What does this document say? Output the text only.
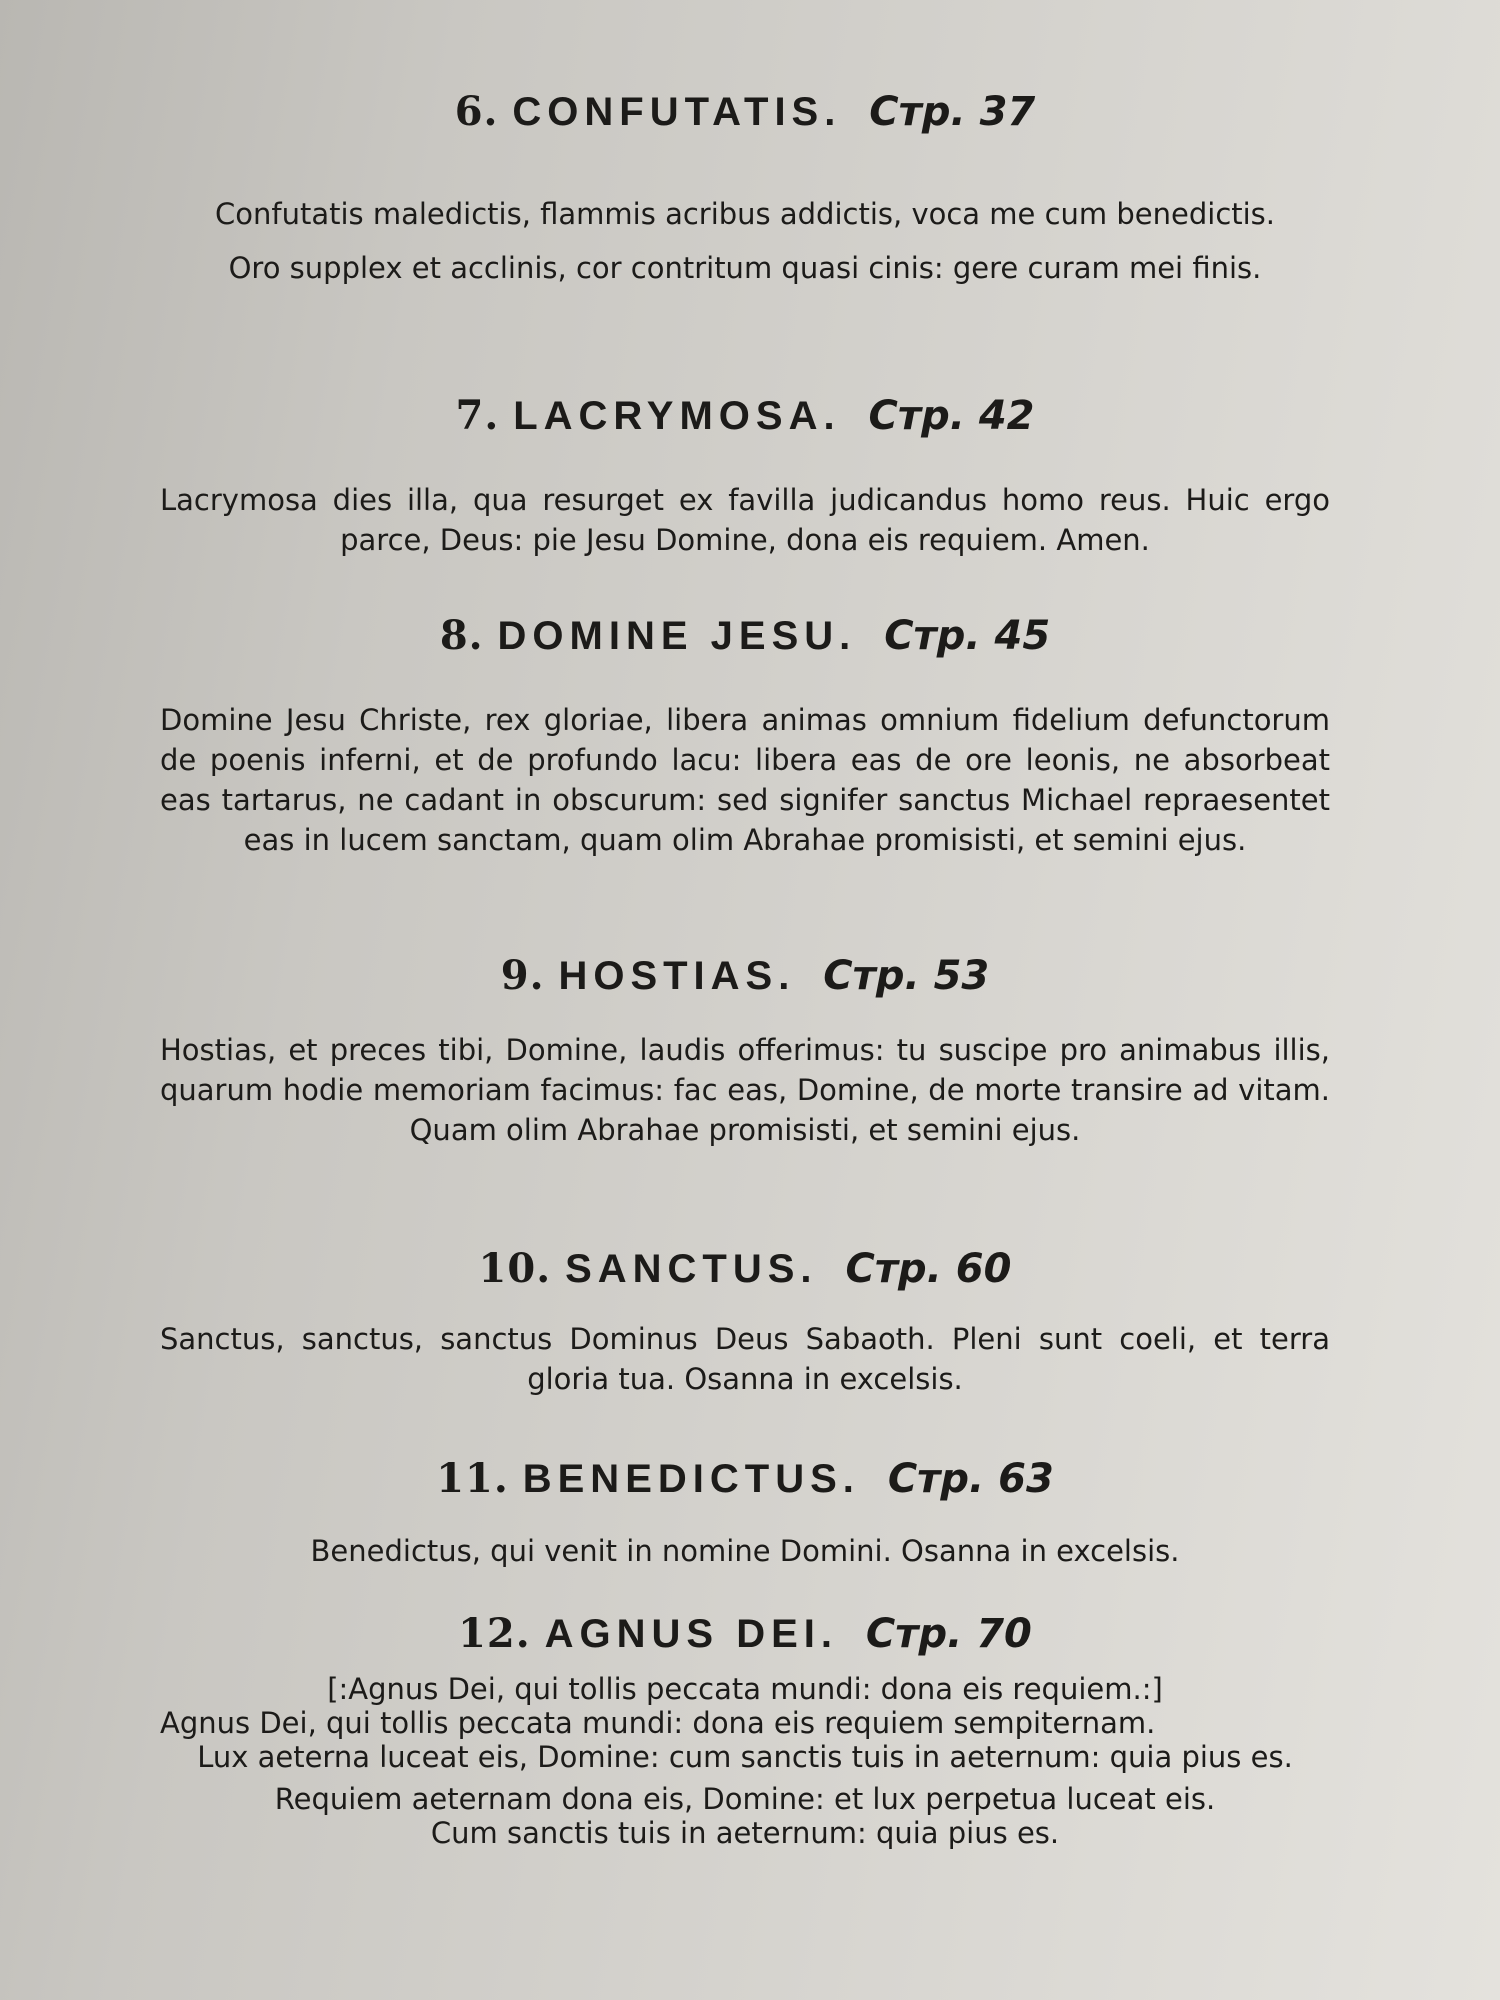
6. CONFUTATIS. Стр. 37

Confutatis maledictis, flammis acribus addictis, voca me cum benedictis.

Oro supplex et acclinis, cor contritum quasi cinis: gere curam mei finis.

7. LACRYMOSA. Стр. 42

Lacrymosa dies illa, qua resurget ex favilla judicandus homo reus. Huic ergo parce, Deus: pie Jesu Domine, dona eis requiem. Amen.

8. DOMINE JESU. Стр. 45

Domine Jesu Christe, rex gloriae, libera animas omnium fidelium defunctorum de poenis inferni, et de profundo lacu: libera eas de ore leonis, ne absorbeat eas tartarus, ne cadant in obscurum: sed signifer sanctus Michael repraesentet eas in lucem sanctam, quam olim Abrahae promisisti, et semini ejus.

9. HOSTIAS. Стр. 53

Hostias, et preces tibi, Domine, laudis offerimus: tu suscipe pro animabus illis, quarum hodie memoriam facimus: fac eas, Domine, de morte transire ad vitam. Quam olim Abrahae promisisti, et semini ejus.

10. SANCTUS. Стр. 60

Sanctus, sanctus, sanctus Dominus Deus Sabaoth. Pleni sunt coeli, et terra gloria tua. Osanna in excelsis.

11. BENEDICTUS. Стр. 63

Benedictus, qui venit in nomine Domini. Osanna in excelsis.

12. AGNUS DEI. Стр. 70

[:Agnus Dei, qui tollis peccata mundi: dona eis requiem.:]

Agnus Dei, qui tollis peccata mundi: dona eis requiem sempiternam.

Lux aeterna luceat eis, Domine: cum sanctis tuis in aeternum: quia pius es.

Requiem aeternam dona eis, Domine: et lux perpetua luceat eis.

Cum sanctis tuis in aeternum: quia pius es.
